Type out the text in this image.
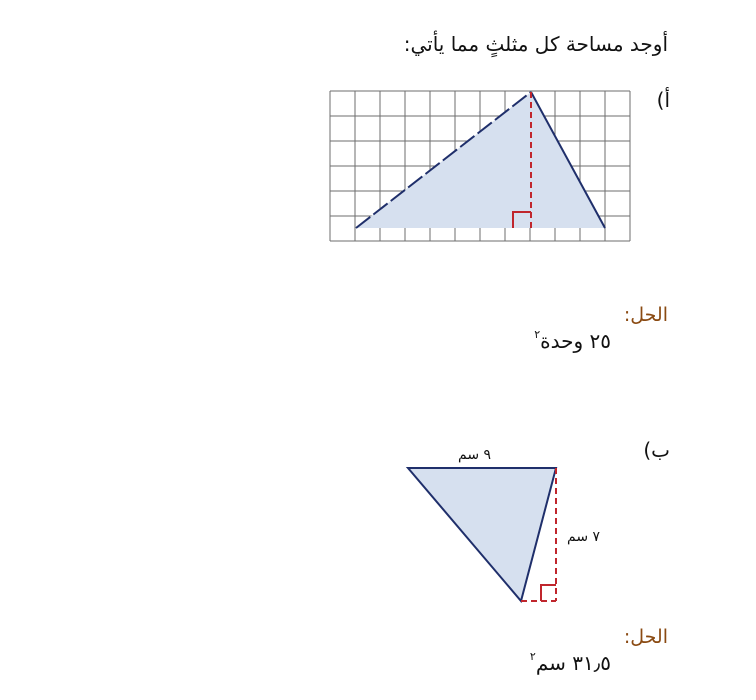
أوجد مساحة كل مثلثٍ مما يأتي:
أ)
الحل:
٢٥ وحدة$^٢$
ب)
٩ سم
٧ سم
الحل:
٣١٫٥ سم$^٢$
